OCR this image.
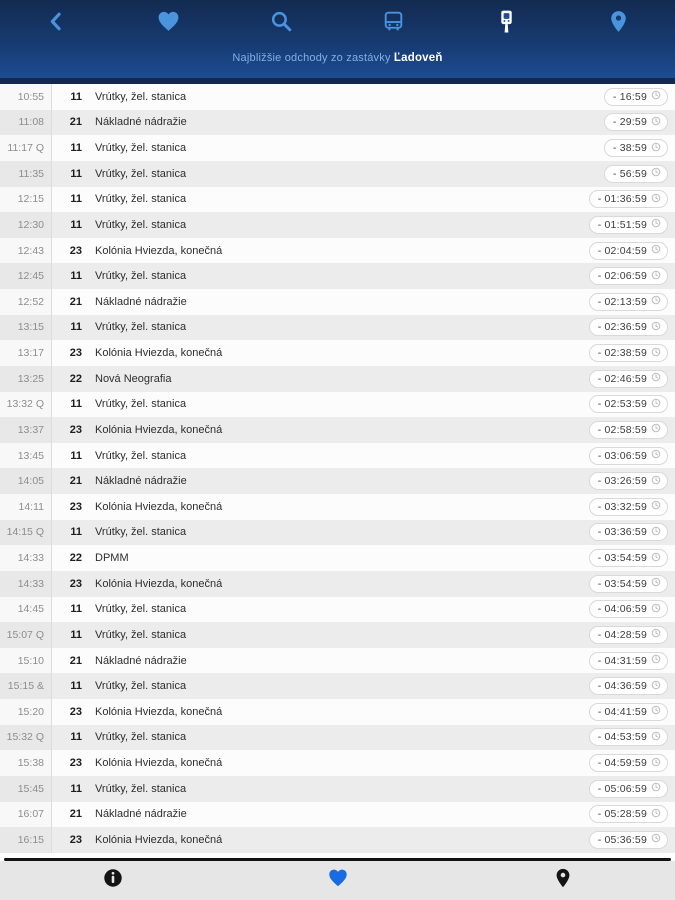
Najbližšie odchody zo zastávky Ľadoveň
10:55	11	Vrútky, žel. stanica	- 16:59
11:08	21	Nákladné nádražie	- 29:59
11:17 Q	11	Vrútky, žel. stanica	- 38:59
11:35	11	Vrútky, žel. stanica	- 56:59
12:15	11	Vrútky, žel. stanica	- 01:36:59
12:30	11	Vrútky, žel. stanica	- 01:51:59
12:43	23	Kolónia Hviezda, konečná	- 02:04:59
12:45	11	Vrútky, žel. stanica	- 02:06:59
12:52	21	Nákladné nádražie	- 02:13:59
13:15	11	Vrútky, žel. stanica	- 02:36:59
13:17	23	Kolónia Hviezda, konečná	- 02:38:59
13:25	22	Nová Neografia	- 02:46:59
13:32 Q	11	Vrútky, žel. stanica	- 02:53:59
13:37	23	Kolónia Hviezda, konečná	- 02:58:59
13:45	11	Vrútky, žel. stanica	- 03:06:59
14:05	21	Nákladné nádražie	- 03:26:59
14:11	23	Kolónia Hviezda, konečná	- 03:32:59
14:15 Q	11	Vrútky, žel. stanica	- 03:36:59
14:33	22	DPMM	- 03:54:59
14:33	23	Kolónia Hviezda, konečná	- 03:54:59
14:45	11	Vrútky, žel. stanica	- 04:06:59
15:07 Q	11	Vrútky, žel. stanica	- 04:28:59
15:10	21	Nákladné nádražie	- 04:31:59
15:15 &	11	Vrútky, žel. stanica	- 04:36:59
15:20	23	Kolónia Hviezda, konečná	- 04:41:59
15:32 Q	11	Vrútky, žel. stanica	- 04:53:59
15:38	23	Kolónia Hviezda, konečná	- 04:59:59
15:45	11	Vrútky, žel. stanica	- 05:06:59
16:07	21	Nákladné nádražie	- 05:28:59
16:15	23	Kolónia Hviezda, konečná	- 05:36:59
